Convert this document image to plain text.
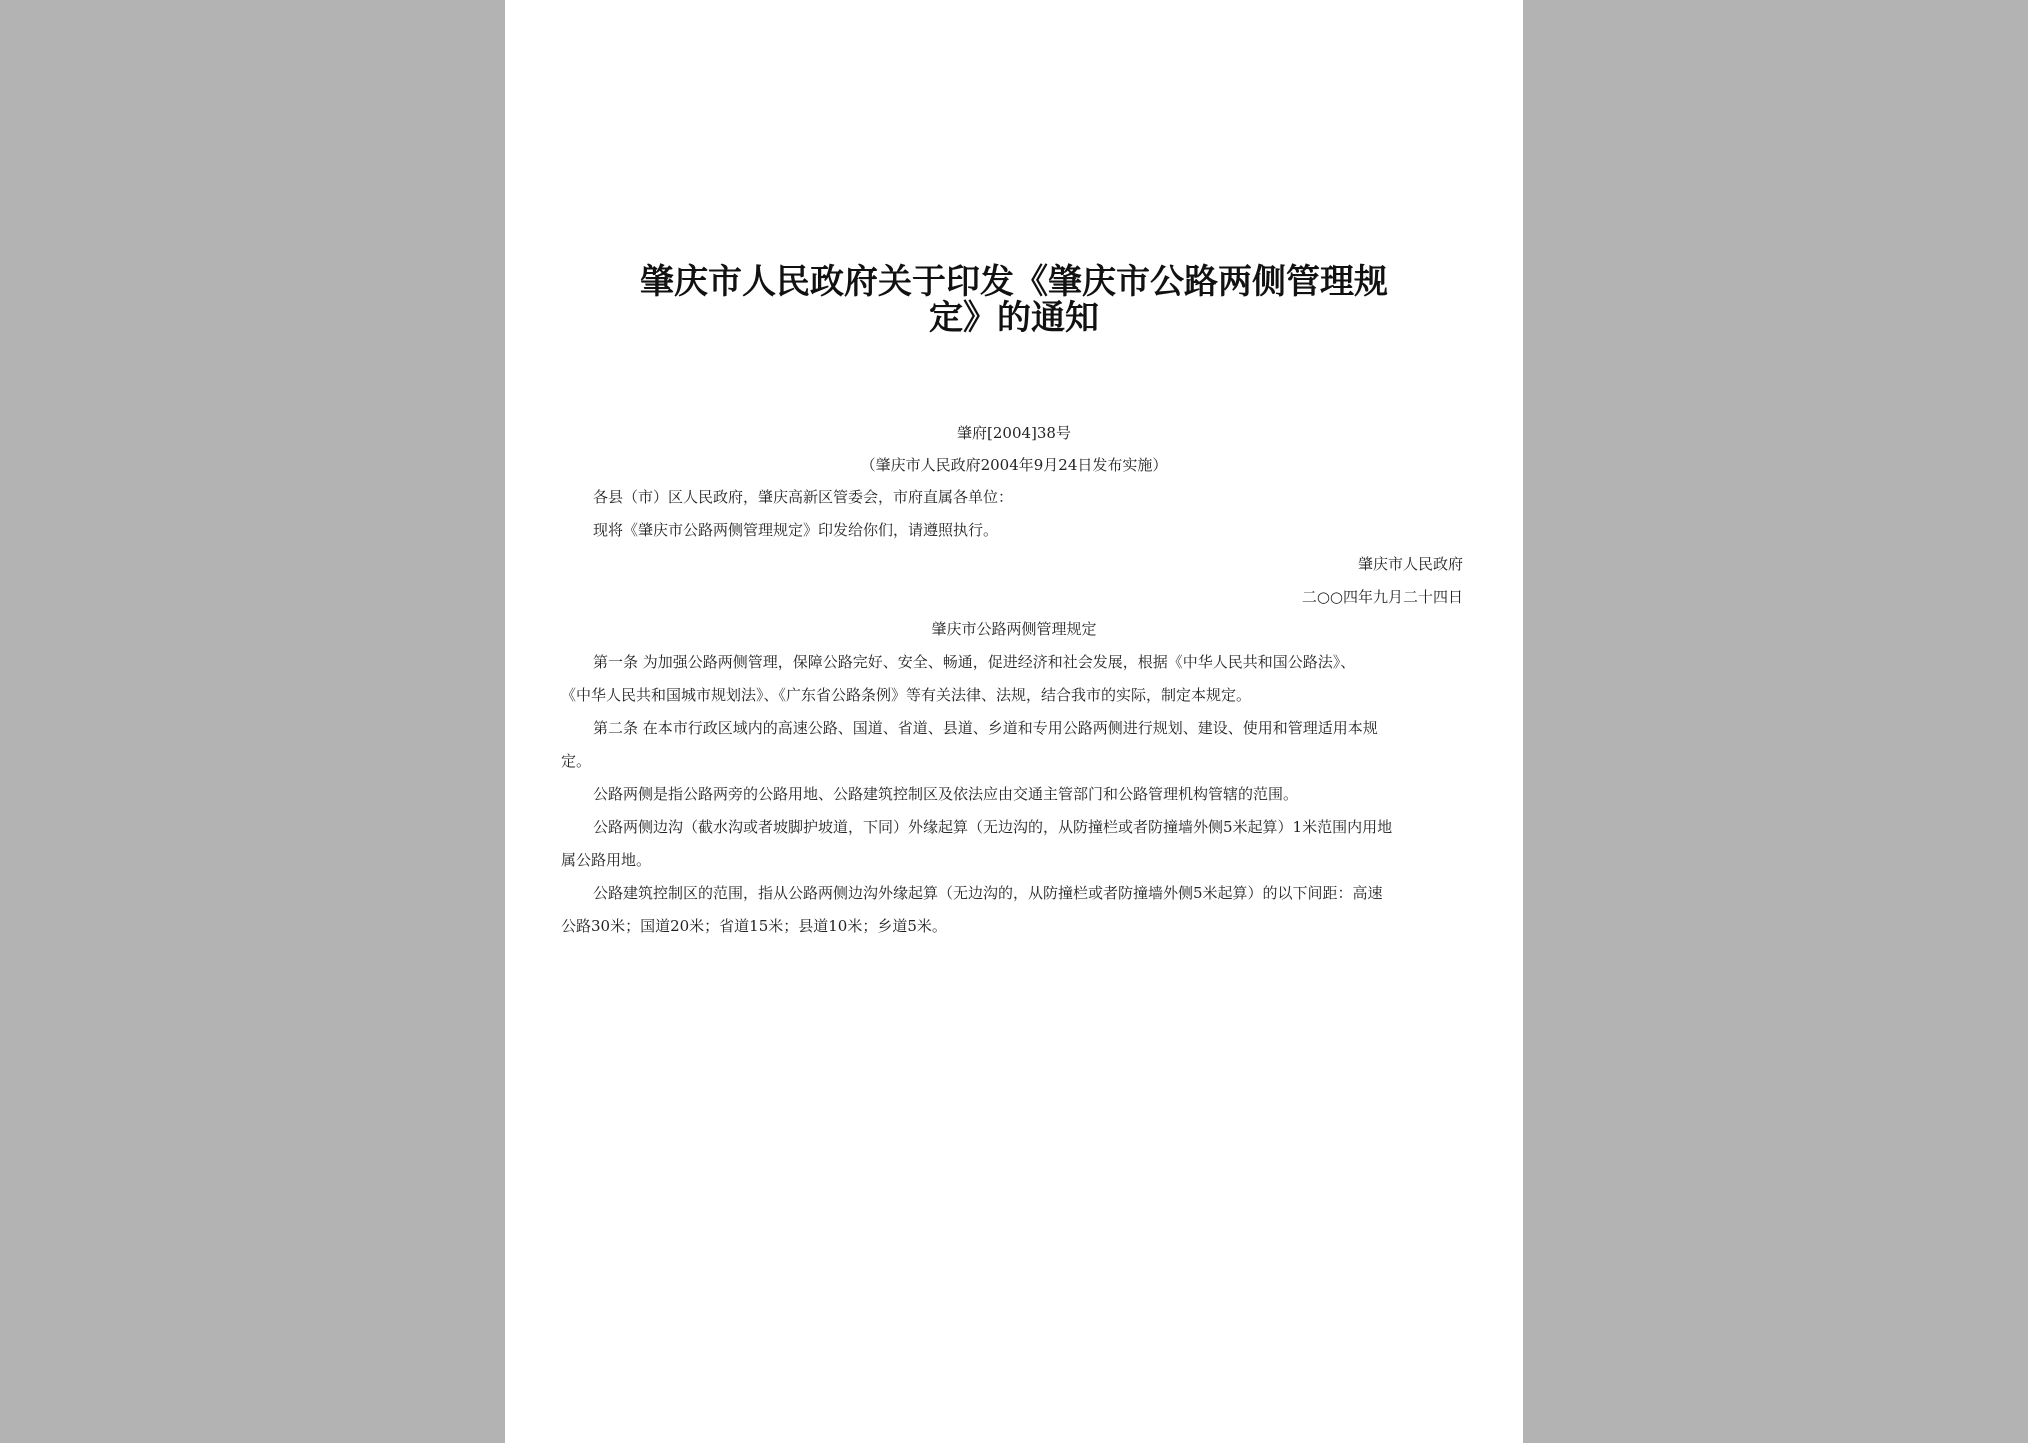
肇庆市人民政府关于印发《肇庆市公路两侧管理规
定》的通知
肇府[2004]38号
（肇庆市人民政府2004年9月24日发布实施）
各县（市）区人民政府，肇庆高新区管委会，市府直属各单位：
现将《肇庆市公路两侧管理规定》印发给你们，请遵照执行。
肇庆市人民政府
二○○四年九月二十四日
肇庆市公路两侧管理规定
第一条 为加强公路两侧管理，保障公路完好、安全、畅通，促进经济和社会发展，根据《中华人民共和国公路法》、
《中华人民共和国城市规划法》、《广东省公路条例》等有关法律、法规，结合我市的实际，制定本规定。
第二条 在本市行政区域内的高速公路、国道、省道、县道、乡道和专用公路两侧进行规划、建设、使用和管理适用本规
定。
公路两侧是指公路两旁的公路用地、公路建筑控制区及依法应由交通主管部门和公路管理机构管辖的范围。
公路两侧边沟（截水沟或者坡脚护坡道，下同）外缘起算（无边沟的，从防撞栏或者防撞墙外侧5米起算）1米范围内用地
属公路用地。
公路建筑控制区的范围，指从公路两侧边沟外缘起算（无边沟的，从防撞栏或者防撞墙外侧5米起算）的以下间距：高速
公路30米；国道20米；省道15米；县道10米；乡道5米。
